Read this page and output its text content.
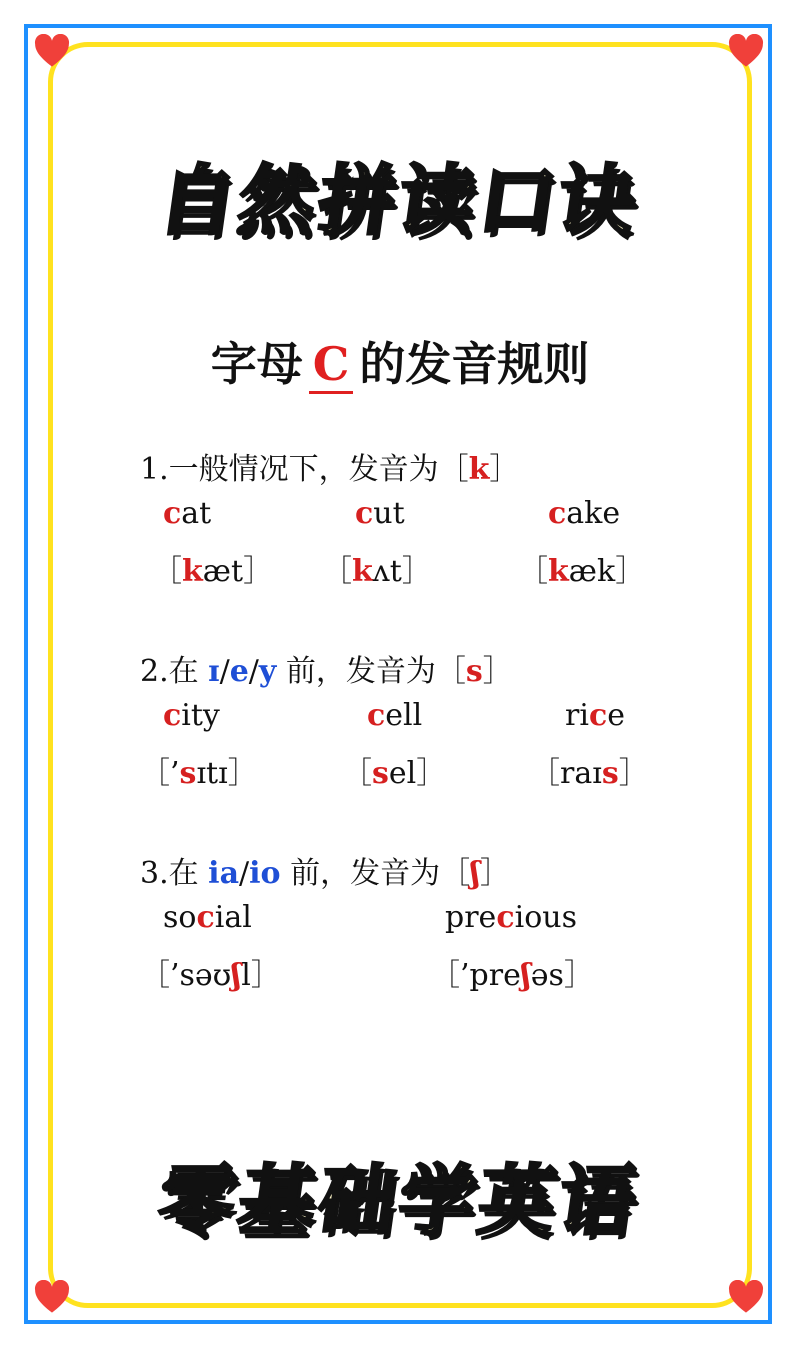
自然拼读口诀
字母 C 的发音规则
1.一般情况下，发音为［k］
cat	cut	cake
［kæt］ ［kʌt］	［kæk］
2.在 ɪ/e/y 前，发音为［s］
city	cell	rice
［’sɪtɪ］	［sel］	［raɪs］
3.在 ia/io 前，发音为［ʃ］
social	precious
［’səʊʃl］	［’preʃəs］
零基础学英语
